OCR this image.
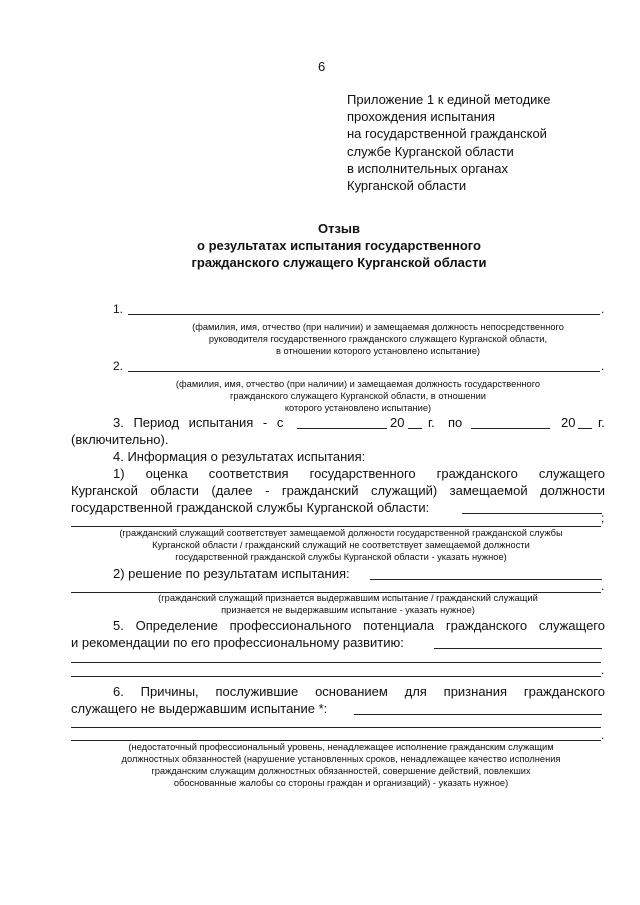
6
Приложение 1 к единой методике
прохождения испытания
на государственной гражданской
службе Курганской области
в исполнительных органах
Курганской области
Отзыв
о результатах испытания государственного
гражданского служащего Курганской области
1.	.
(фамилия, имя, отчество (при наличии) и замещаемая должность непосредственного
руководителя государственного гражданского служащего Курганской области,
в отношении которого установлено испытание)
2.	.
(фамилия, имя, отчество (при наличии) и замещаемая должность государственного
гражданского служащего Курганской области, в отношении
которого установлено испытание)
3. Период испытания - с	20 г. по	20 г.
(включительно).
4. Информация о результатах испытания:
1) оценка соответствия государственного гражданского служащего
Курганской области (далее - гражданский служащий) замещаемой должности
государственной гражданской службы Курганской области:
;
(гражданский служащий соответствует замещаемой должности государственной гражданской службы
Курганской области / гражданский служащий не соответствует замещаемой должности
государственной гражданской службы Курганской области - указать нужное)
2) решение по результатам испытания:
.
(гражданский служащий признается выдержавшим испытание / гражданский служащий
признается не выдержавшим испытание - указать нужное)
5. Определение профессионального потенциала гражданского служащего
и рекомендации по его профессиональному развитию:
.
6. Причины, послужившие основанием для признания гражданского
служащего не выдержавшим испытание *:
.
(недостаточный профессиональный уровень, ненадлежащее исполнение гражданским служащим
должностных обязанностей (нарушение установленных сроков, ненадлежащее качество исполнения
гражданским служащим должностных обязанностей, совершение действий, повлекших
обоснованные жалобы со стороны граждан и организаций) - указать нужное)
